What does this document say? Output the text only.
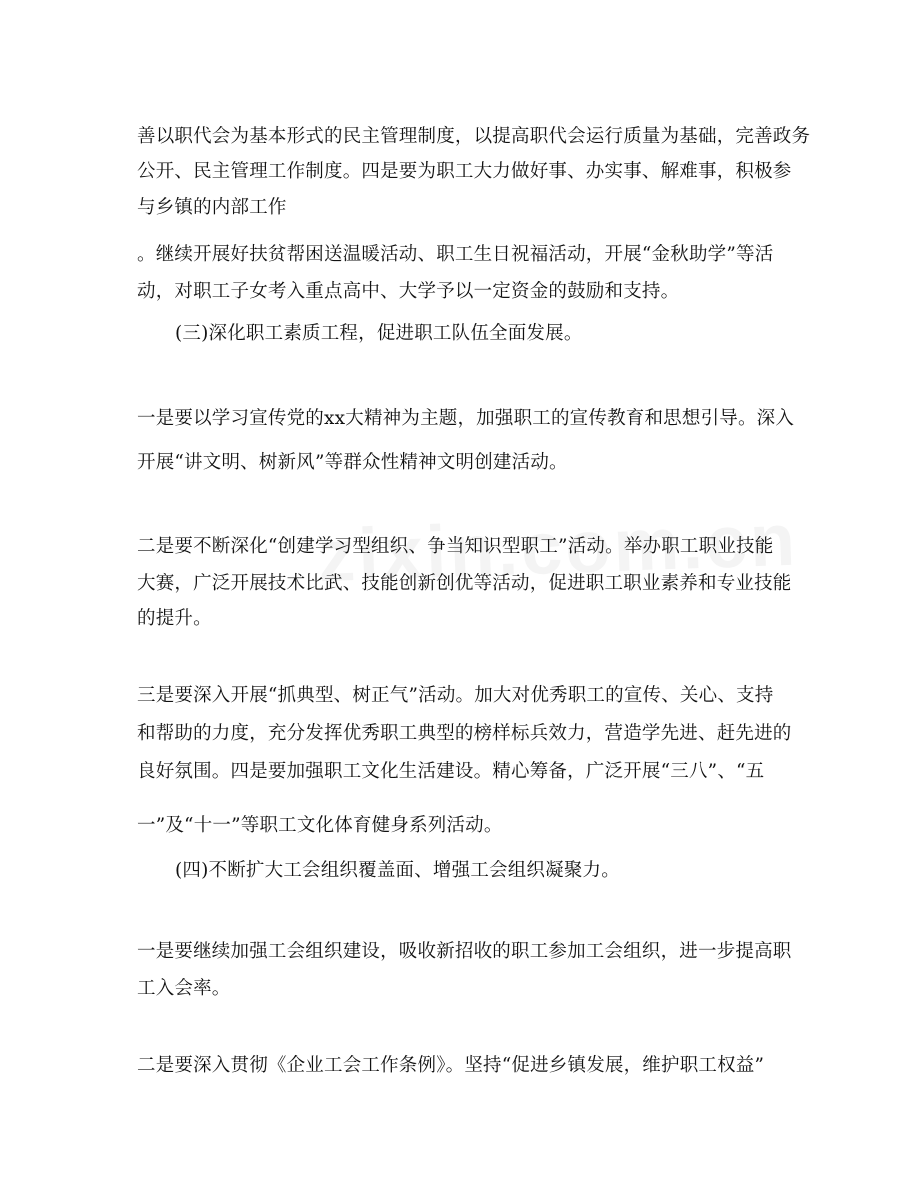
善以职代会为基本形式的民主管理制度，以提高职代会运行质量为基础，完善政务
公开、民主管理工作制度。四是要为职工大力做好事、办实事、解难事，积极参
与乡镇的内部工作
。继续开展好扶贫帮困送温暖活动、职工生日祝福活动，开展“金秋助学”等活
动，对职工子女考入重点高中、大学予以一定资金的鼓励和支持。
(三)深化职工素质工程，促进职工队伍全面发展。
一是要以学习宣传党的xx大精神为主题，加强职工的宣传教育和思想引导。深入
开展“讲文明、树新风”等群众性精神文明创建活动。
二是要不断深化“创建学习型组织、争当知识型职工”活动。举办职工职业技能
大赛，广泛开展技术比武、技能创新创优等活动，促进职工职业素养和专业技能
的提升。
三是要深入开展“抓典型、树正气”活动。加大对优秀职工的宣传、关心、支持
和帮助的力度，充分发挥优秀职工典型的榜样标兵效力，营造学先进、赶先进的
良好氛围。四是要加强职工文化生活建设。精心筹备，广泛开展“三八”、“五
一”及“十一”等职工文化体育健身系列活动。
(四)不断扩大工会组织覆盖面、增强工会组织凝聚力。
一是要继续加强工会组织建设，吸收新招收的职工参加工会组织，进一步提高职
工入会率。
二是要深入贯彻《企业工会工作条例》。坚持“促进乡镇发展，维护职工权益”
